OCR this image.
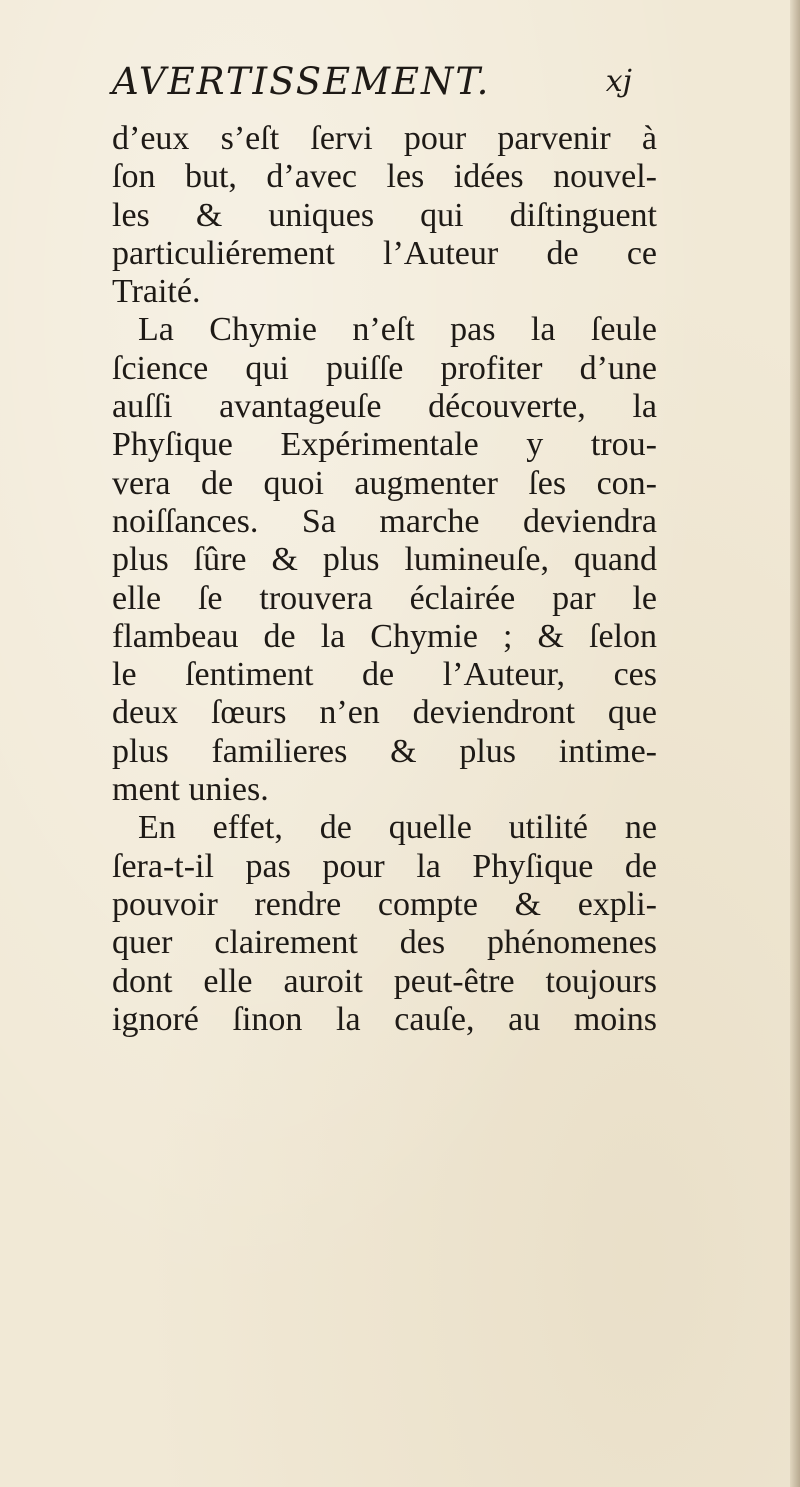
AVERTISSEMENT.	xj
d’eux s’eſt ſervi pour parvenir à
ſon but, d’avec les idées nouvel-
les & uniques qui diſtinguent
particuliérement l’Auteur de ce
Traité.
La Chymie n’eſt pas la ſeule
ſcience qui puiſſe profiter d’une
auſſi avantageuſe découverte, la
Phyſique Expérimentale y trou-
vera de quoi augmenter ſes con-
noiſſances. Sa marche deviendra
plus ſûre & plus lumineuſe, quand
elle ſe trouvera éclairée par le
flambeau de la Chymie ; & ſelon
le ſentiment de l’Auteur, ces
deux ſœurs n’en deviendront que
plus familieres & plus intime-
ment unies.
En effet, de quelle utilité ne
ſera-t-il pas pour la Phyſique de
pouvoir rendre compte & expli-
quer clairement des phénomenes
dont elle auroit peut-être toujours
ignoré ſinon la cauſe, au moins
